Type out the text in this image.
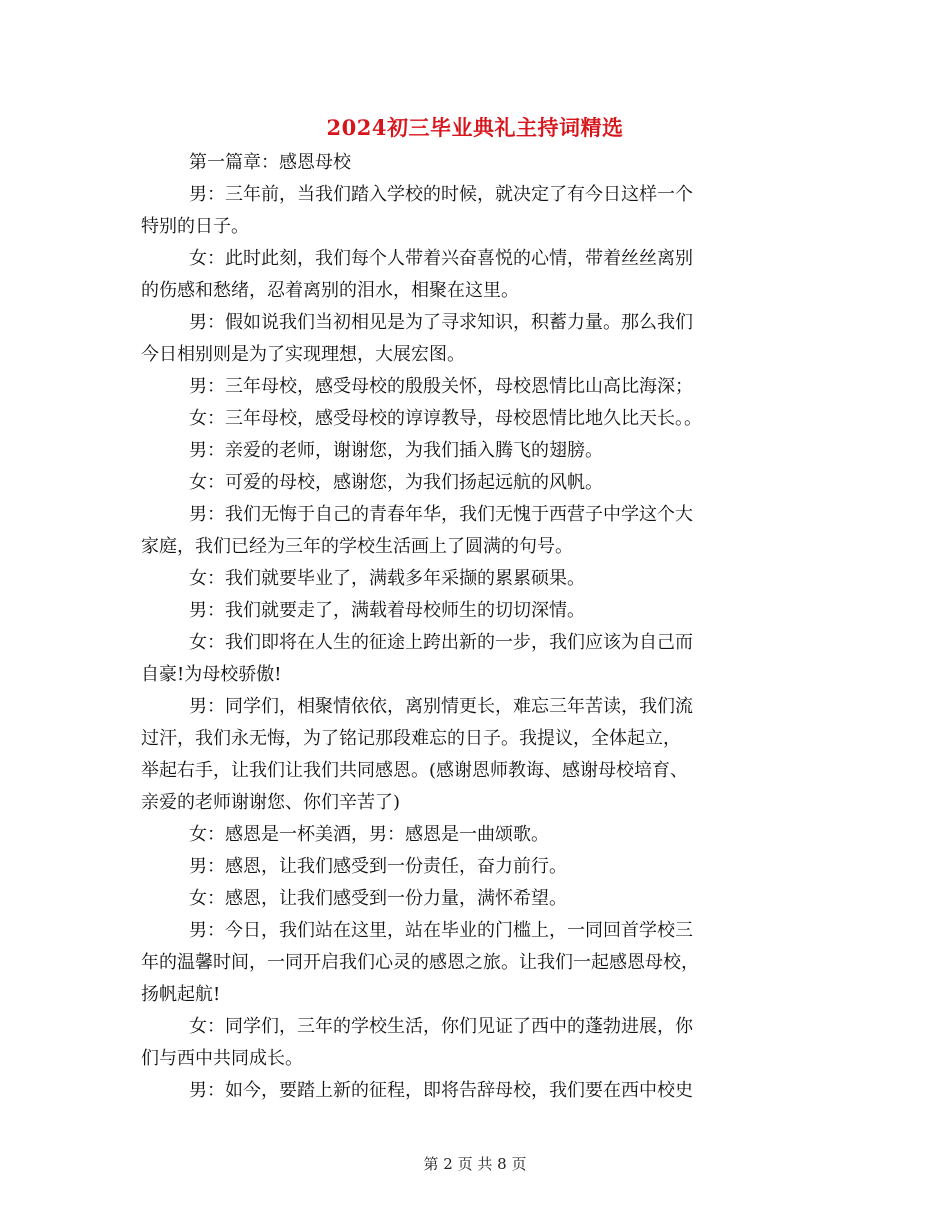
2024初三毕业典礼主持词精选
第一篇章：感恩母校
男：三年前，当我们踏入学校的时候，就决定了有今日这样一个
特别的日子。
女：此时此刻，我们每个人带着兴奋喜悦的心情，带着丝丝离别
的伤感和愁绪，忍着离别的泪水，相聚在这里。
男：假如说我们当初相见是为了寻求知识，积蓄力量。那么我们
今日相别则是为了实现理想，大展宏图。
男：三年母校，感受母校的殷殷关怀，母校恩情比山高比海深；
女：三年母校，感受母校的谆谆教导，母校恩情比地久比天长。。
男：亲爱的老师，谢谢您，为我们插入腾飞的翅膀。
女：可爱的母校，感谢您，为我们扬起远航的风帆。
男：我们无悔于自己的青春年华，我们无愧于西营子中学这个大
家庭，我们已经为三年的学校生活画上了圆满的句号。
女：我们就要毕业了，满载多年采撷的累累硕果。
男：我们就要走了，满载着母校师生的切切深情。
女：我们即将在人生的征途上跨出新的一步，我们应该为自己而
自豪!为母校骄傲!
男：同学们，相聚情依依，离别情更长，难忘三年苦读，我们流
过汗，我们永无悔，为了铭记那段难忘的日子。我提议，全体起立，
举起右手，让我们让我们共同感恩。(感谢恩师教诲、感谢母校培育、
亲爱的老师谢谢您、你们辛苦了)
女：感恩是一杯美酒，男：感恩是一曲颂歌。
男：感恩，让我们感受到一份责任，奋力前行。
女：感恩，让我们感受到一份力量，满怀希望。
男：今日，我们站在这里，站在毕业的门槛上，一同回首学校三
年的温馨时间，一同开启我们心灵的感恩之旅。让我们一起感恩母校，
扬帆起航!
女：同学们，三年的学校生活，你们见证了西中的蓬勃进展，你
们与西中共同成长。
男：如今，要踏上新的征程，即将告辞母校，我们要在西中校史
第 2 页 共 8 页
